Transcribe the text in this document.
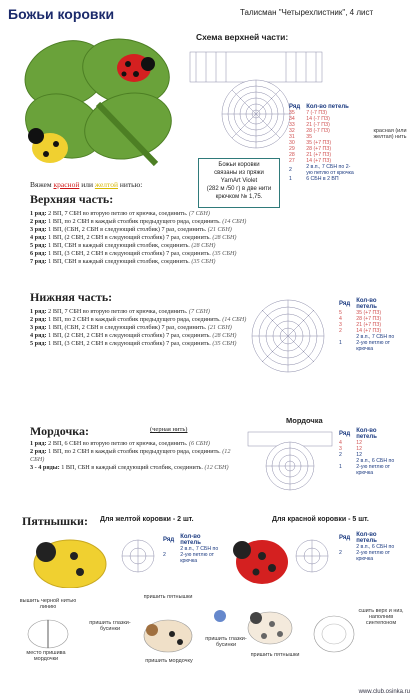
Божьи коровки	Талисман "Четырехлистник", 4 лист
Схема верхней части:
Ряд	Кол-во петель
35	7 (-7 ПЗ)
34	14 (-7 ПЗ)
33	21 (-7 ПЗ)
32	28 (-7 ПЗ)
31	35
30	35 (+7 ПЗ)
29	28 (+7 ПЗ)
28	21 (+7 ПЗ)
27	14 (+7 ПЗ)
2	2 в.п., 7 СБН по 2-ую петлю от крючка
1	6 СБН в 2 ВП
красная (или желтая) нить
Божьи коровки
связаны из пряжи
YarnArt Violet
(282 м /50 г) в две нити
крючком № 1,75.
Вяжем красной или желтой нитью:
Верхняя часть:
1 ряд: 2 ВП, 7 СБН во вторую петлю от крючка, соединить. (7 СБН)
2 ряд: 1 ВП, по 2 СБН в каждый столбик предыдущего ряда, соединить. (14 СБН)
3 ряд: 1 ВП, (СБН, 2 СБН в следующий столбик) 7 раз, соединить. (21 СБН)
4 ряд: 1 ВП, (2 СБН, 2 СБН в следующий столбик) 7 раз, соединить. (28 СБН)
5 ряд: 1 ВП, СБН в каждый следующий столбик, соединить. (28 СБН)
6 ряд: 1 ВП, (3 СБН, 2 СБН в следующий столбик) 7 раз, соединить. (35 СБН)
7 ряд: 1 ВП, СБН в каждый следующий столбик, соединить. (35 СБН)
Нижняя часть:
1 ряд: 2 ВП, 7 СБН во вторую петлю от крючка, соединить. (7 СБН)
2 ряд: 1 ВП, по 2 СБН в каждый столбик предыдущего ряда, соединить. (14 СБН)
3 ряд: 1 ВП, (СБН, 2 СБН в следующий столбик) 7 раз, соединить. (21 СБН)
4 ряд: 1 ВП, (2 СБН, 2 СБН в следующий столбик) 7 раз, соединить. (28 СБН)
5 ряд: 1 ВП, (3 СБН, 2 СБН в следующий столбик) 7 раз, соединить. (35 СБН)
Ряд	Кол-во петель
5	35 (+7 ПЗ)
4	28 (+7 ПЗ)
3	21 (+7 ПЗ)
2	14 (+7 ПЗ)
1	2 в.п., 7 СБН по 2-ую петлю от крючка
Мордочка:	(черная нить)
1 ряд: 2 ВП, 6 СБН во вторую петлю от крючка, соединить. (6 СБН)
2 ряд: 1 ВП, по 2 СБН в каждый столбик предыдущего ряда, соединить. (12 СБН)
3 - 4 ряды: 1 ВП, СБН в каждый следующий столбик, соединить. (12 СБН)
Мордочка
Ряд	Кол-во петель
4	12
3	12
2	12
1	2 в.п., 6 СБН по 2-ую петлю от крючка
Пятнышки: Для желтой коровки - 2 шт.	Для красной коровки - 5 шт.
Ряд	Кол-во петель
2	2 в.п., 7 СБН по 2-ую петлю от крючка
Ряд	Кол-во петель
2	2 в.п., 6 СБН по 2-ую петлю от крючка
вышить черной нитью линию
место пришива мордочки
пришить пятнышки
пришить глазки-бусинки
пришить мордочку
пришить глазки-бусинки
пришить пятнышки
сшить верх и низ, наполнив синтепоном
www.club.osinka.ru
